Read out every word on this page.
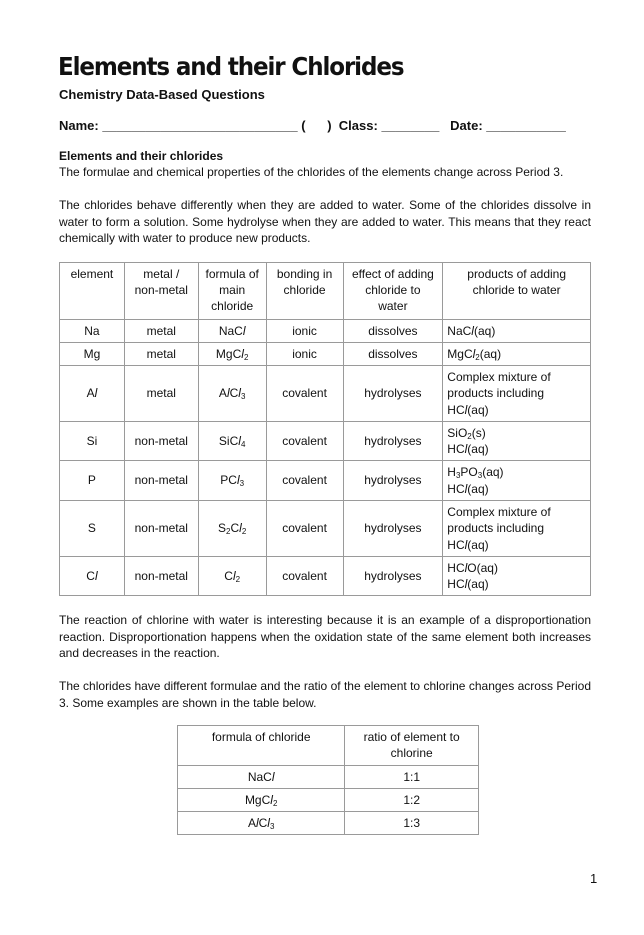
Elements and their Chlorides
Chemistry Data-Based Questions
Name: ___________________________ (      ) Class: ________ Date: ___________
Elements and their chlorides

The formulae and chemical properties of the chlorides of the elements change across Period 3.

The chlorides behave differently when they are added to water. Some of the chlorides dissolve in water to form a solution. Some hydrolyse when they are added to water. This means that they react chemically with water to produce new products.

element	metal / non-metal	formula of main chloride	bonding in chloride	effect of adding chloride to water	products of adding chloride to water
Na	metal	NaCl	ionic	dissolves	NaCl(aq)
Mg	metal	MgCl$_2$	ionic	dissolves	MgCl$_2$(aq)
Al	metal	AlCl$_3$	covalent	hydrolyses	Complex mixture of
products including
HCl(aq)
Si	non-metal	SiCl$_4$	covalent	hydrolyses	SiO$_2$(s)
HCl(aq)
P	non-metal	PCl$_3$	covalent	hydrolyses	$H_3PO_3(aq)$
HCl(aq)
S	non-metal	$S_2Cl_2$	covalent	hydrolyses	Complex mixture of
products including
HCl(aq)
Cl	non-metal	$Cl_2$	covalent	hydrolyses	HClO(aq)
HCl(aq)

The reaction of chlorine with water is interesting because it is an example of a disproportionation reaction. Disproportionation happens when the oxidation state of the same element both increases and decreases in the reaction.

The chlorides have different formulae and the ratio of the element to chlorine changes across Period 3. Some examples are shown in the table below.

formula of chloride	ratio of element to chlorine
NaCl	1:1
MgCl$_2$	1:2
AlCl$_3$	1:3
1
